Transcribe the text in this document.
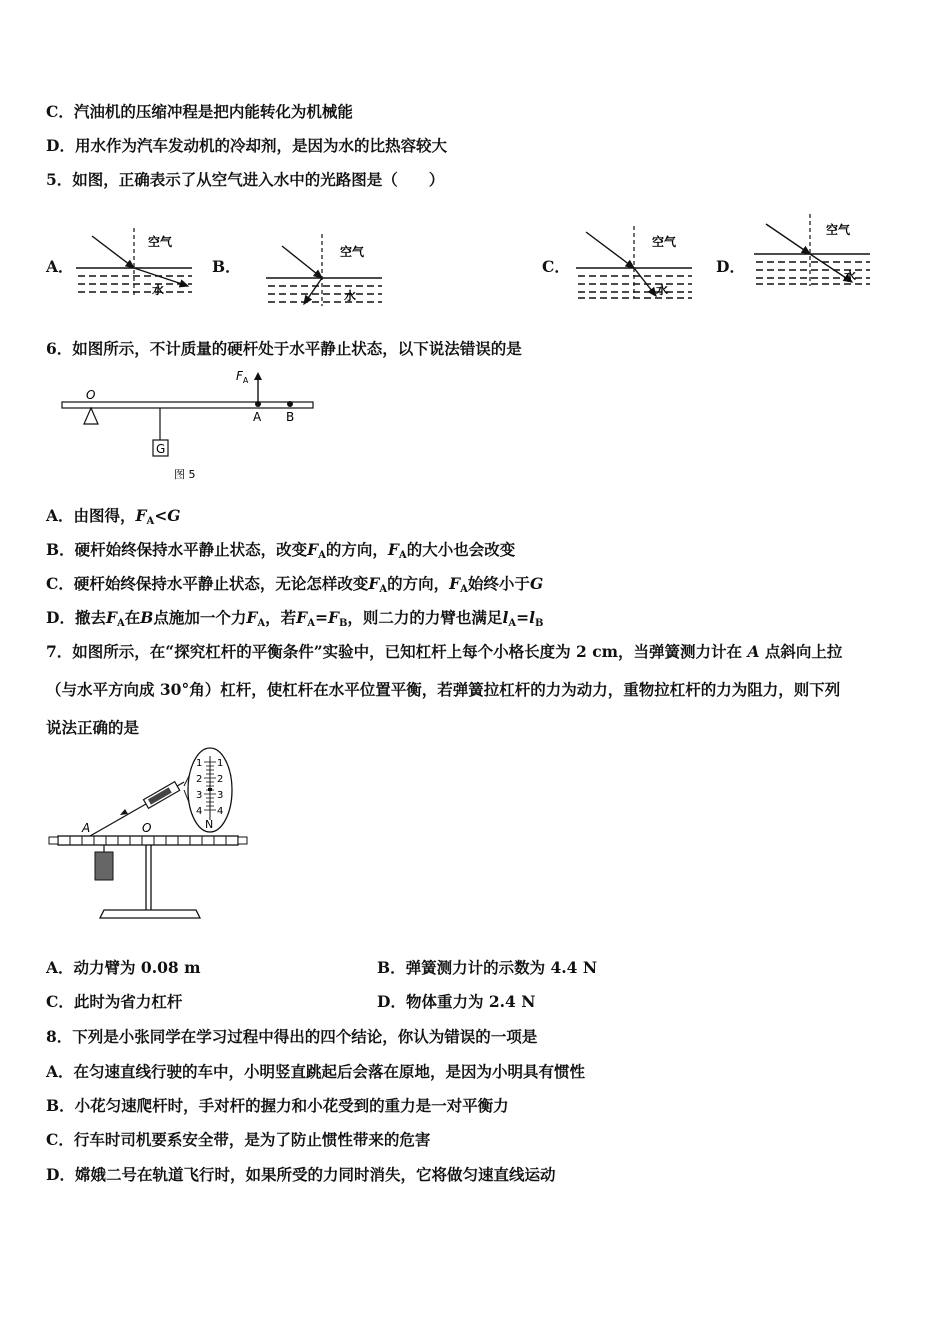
C．汽油机的压缩冲程是把内能转化为机械能
D．用水作为汽车发动机的冷却剂，是因为水的比热容较大
5．如图，正确表示了从空气进入水中的光路图是（　　）
A．	B．	C．	D．
空气
水
空气
水
空气
水
空气
水
6．如图所示，不计质量的硬杆处于水平静止状态，以下说法错误的是
O
G
A B
$F_A$
图 5
A．由图得，$F_A<G$
B．硬杆始终保持水平静止状态，改变$F_A$的方向，$F_A$的大小也会改变
C．硬杆始终保持水平静止状态，无论怎样改变$F_A$的方向，$F_A$始终小于G
D．撤去$F_A$在B点施加一个力$F_A$，若$F_A=F_B$，则二力的力臂也满足$l_A=l_B$
7．如图所示，在“探究杠杆的平衡条件”实验中，已知杠杆上每个小格长度为 2 cm，当弹簧测力计在 A 点斜向上拉
（与水平方向成 30°角）杠杆，使杠杆在水平位置平衡，若弹簧拉杠杆的力为动力，重物拉杠杆的力为阻力，则下列
说法正确的是
A	O
1
2
3
4
1
2
3
4
N
A．动力臂为 0.08 m	B．弹簧测力计的示数为 4.4 N
C．此时为省力杠杆	D．物体重力为 2.4 N
8．下列是小张同学在学习过程中得出的四个结论，你认为错误的一项是
A．在匀速直线行驶的车中，小明竖直跳起后会落在原地，是因为小明具有惯性
B．小花匀速爬杆时，手对杆的握力和小花受到的重力是一对平衡力
C．行车时司机要系安全带，是为了防止惯性带来的危害
D．嫦娥二号在轨道飞行时，如果所受的力同时消失，它将做匀速直线运动
